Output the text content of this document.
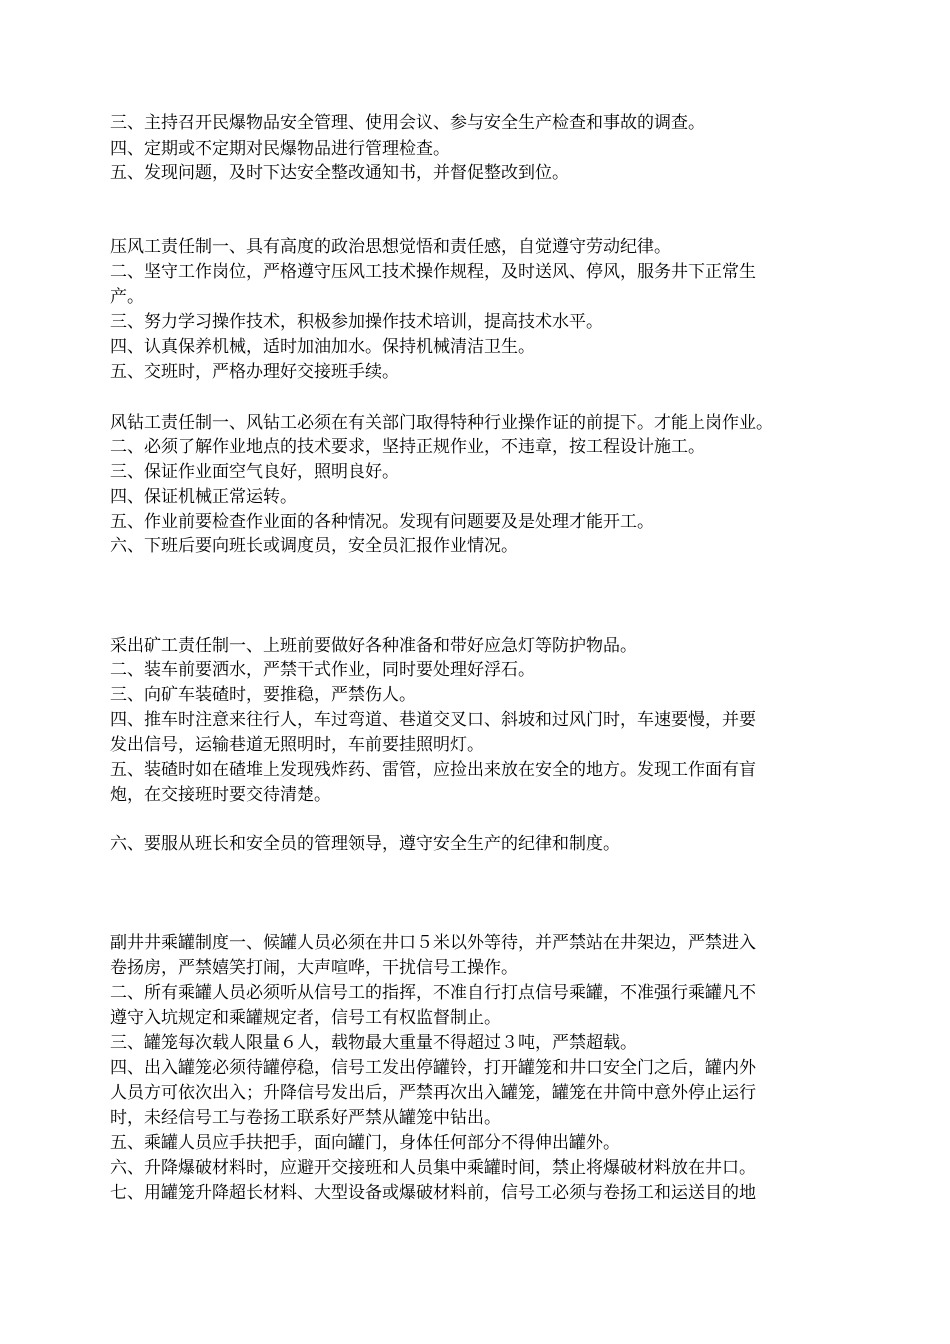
三、主持召开民爆物品安全管理、使用会议、参与安全生产检查和事故的调查。
四、定期或不定期对民爆物品进行管理检查。
五、发现问题，及时下达安全整改通知书，并督促整改到位。
压风工责任制一、具有高度的政治思想觉悟和责任感，自觉遵守劳动纪律。
二、坚守工作岗位，严格遵守压风工技术操作规程，及时送风、停风，服务井下正常生
产。
三、努力学习操作技术，积极参加操作技术培训，提高技术水平。
四、认真保养机械，适时加油加水。保持机械清洁卫生。
五、交班时，严格办理好交接班手续。
风钻工责任制一、风钻工必须在有关部门取得特种行业操作证的前提下。才能上岗作业。
二、必须了解作业地点的技术要求，坚持正规作业，不违章，按工程设计施工。
三、保证作业面空气良好，照明良好。
四、保证机械正常运转。
五、作业前要检查作业面的各种情况。发现有问题要及是处理才能开工。
六、下班后要向班长或调度员，安全员汇报作业情况。
采出矿工责任制一、上班前要做好各种准备和带好应急灯等防护物品。
二、装车前要洒水，严禁干式作业，同时要处理好浮石。
三、向矿车装碴时，要推稳，严禁伤人。
四、推车时注意来往行人，车过弯道、巷道交叉口、斜坡和过风门时，车速要慢，并要
发出信号，运输巷道无照明时，车前要挂照明灯。
五、装碴时如在碴堆上发现残炸药、雷管，应捡出来放在安全的地方。发现工作面有盲
炮，在交接班时要交待清楚。
六、要服从班长和安全员的管理领导，遵守安全生产的纪律和制度。
副井井乘罐制度一、候罐人员必须在井口５米以外等待，并严禁站在井架边，严禁进入
卷扬房，严禁嬉笑打闹，大声喧哗，干扰信号工操作。
二、所有乘罐人员必须听从信号工的指挥，不准自行打点信号乘罐，不准强行乘罐凡不
遵守入坑规定和乘罐规定者，信号工有权监督制止。
三、罐笼每次载人限量６人，载物最大重量不得超过３吨，严禁超载。
四、出入罐笼必须待罐停稳，信号工发出停罐铃，打开罐笼和井口安全门之后，罐内外
人员方可依次出入；升降信号发出后，严禁再次出入罐笼，罐笼在井筒中意外停止运行
时，未经信号工与卷扬工联系好严禁从罐笼中钻出。
五、乘罐人员应手扶把手，面向罐门，身体任何部分不得伸出罐外。
六、升降爆破材料时，应避开交接班和人员集中乘罐时间，禁止将爆破材料放在井口。
七、用罐笼升降超长材料、大型设备或爆破材料前，信号工必须与卷扬工和运送目的地
